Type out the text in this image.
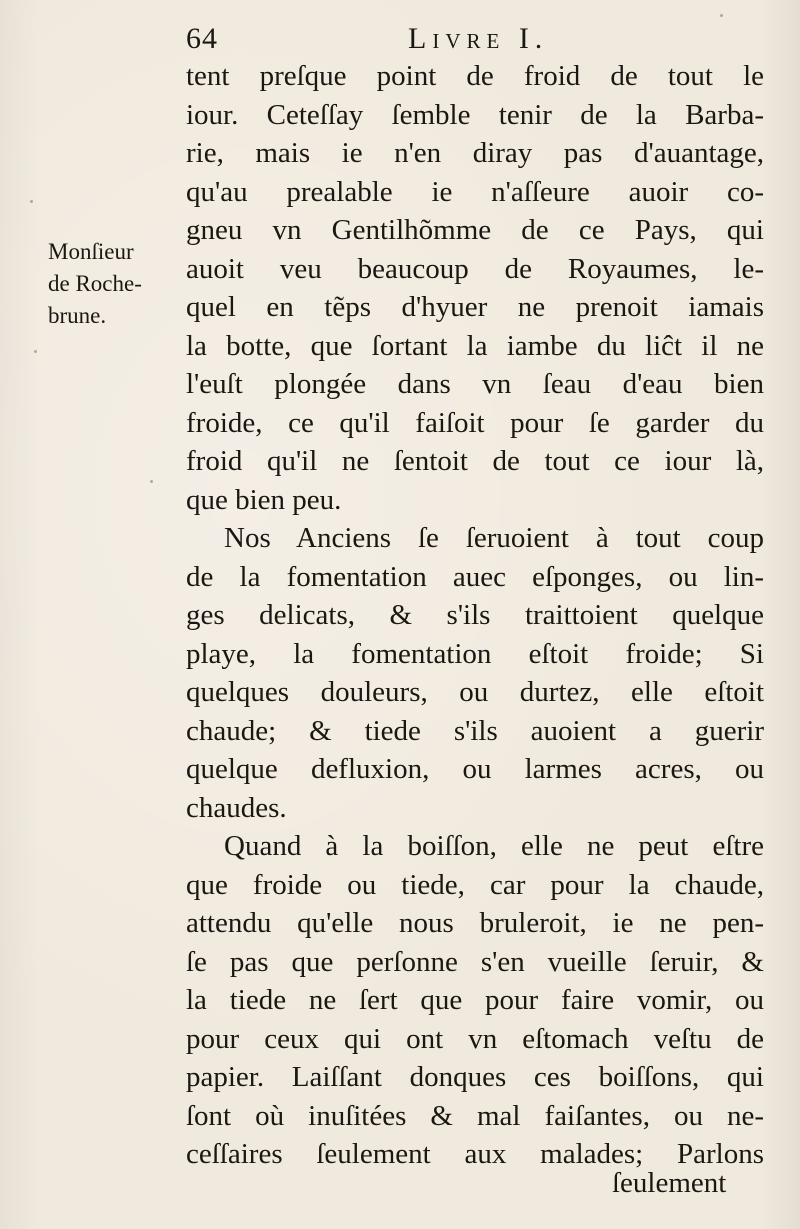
64	Livre I.
Monſieur
de Roche-
brune.
tent preſque point de froid de tout le
iour. Ceteſſay ſemble tenir de la Barba-
rie, mais ie n'en diray pas d'auantage,
qu'au prealable ie n'aſſeure auoir co-
gneu vn Gentilhõmme de ce Pays, qui
auoit veu beaucoup de Royaumes, le-
quel en tẽps d'hyuer ne prenoit iamais
la botte, que ſortant la iambe du liĉt il ne
l'euſt plongée dans vn ſeau d'eau bien
froide, ce qu'il faiſoit pour ſe garder du
froid qu'il ne ſentoit de tout ce iour là,
que bien peu.
Nos Anciens ſe ſeruoient à tout coup
de la fomentation auec eſponges, ou lin-
ges delicats, & s'ils traittoient quelque
playe, la fomentation eſtoit froide; Si
quelques douleurs, ou durtez, elle eſtoit
chaude; & tiede s'ils auoient a guerir
quelque defluxion, ou larmes acres, ou
chaudes.
Quand à la boiſſon, elle ne peut eſtre
que froide ou tiede, car pour la chaude,
attendu qu'elle nous bruleroit, ie ne pen-
ſe pas que perſonne s'en vueille ſeruir, &
la tiede ne ſert que pour faire vomir, ou
pour ceux qui ont vn eſtomach veſtu de
papier. Laiſſant donques ces boiſſons, qui
ſont où inuſitées & mal faiſantes, ou ne-
ceſſaires ſeulement aux malades; Parlons
ſeulement
